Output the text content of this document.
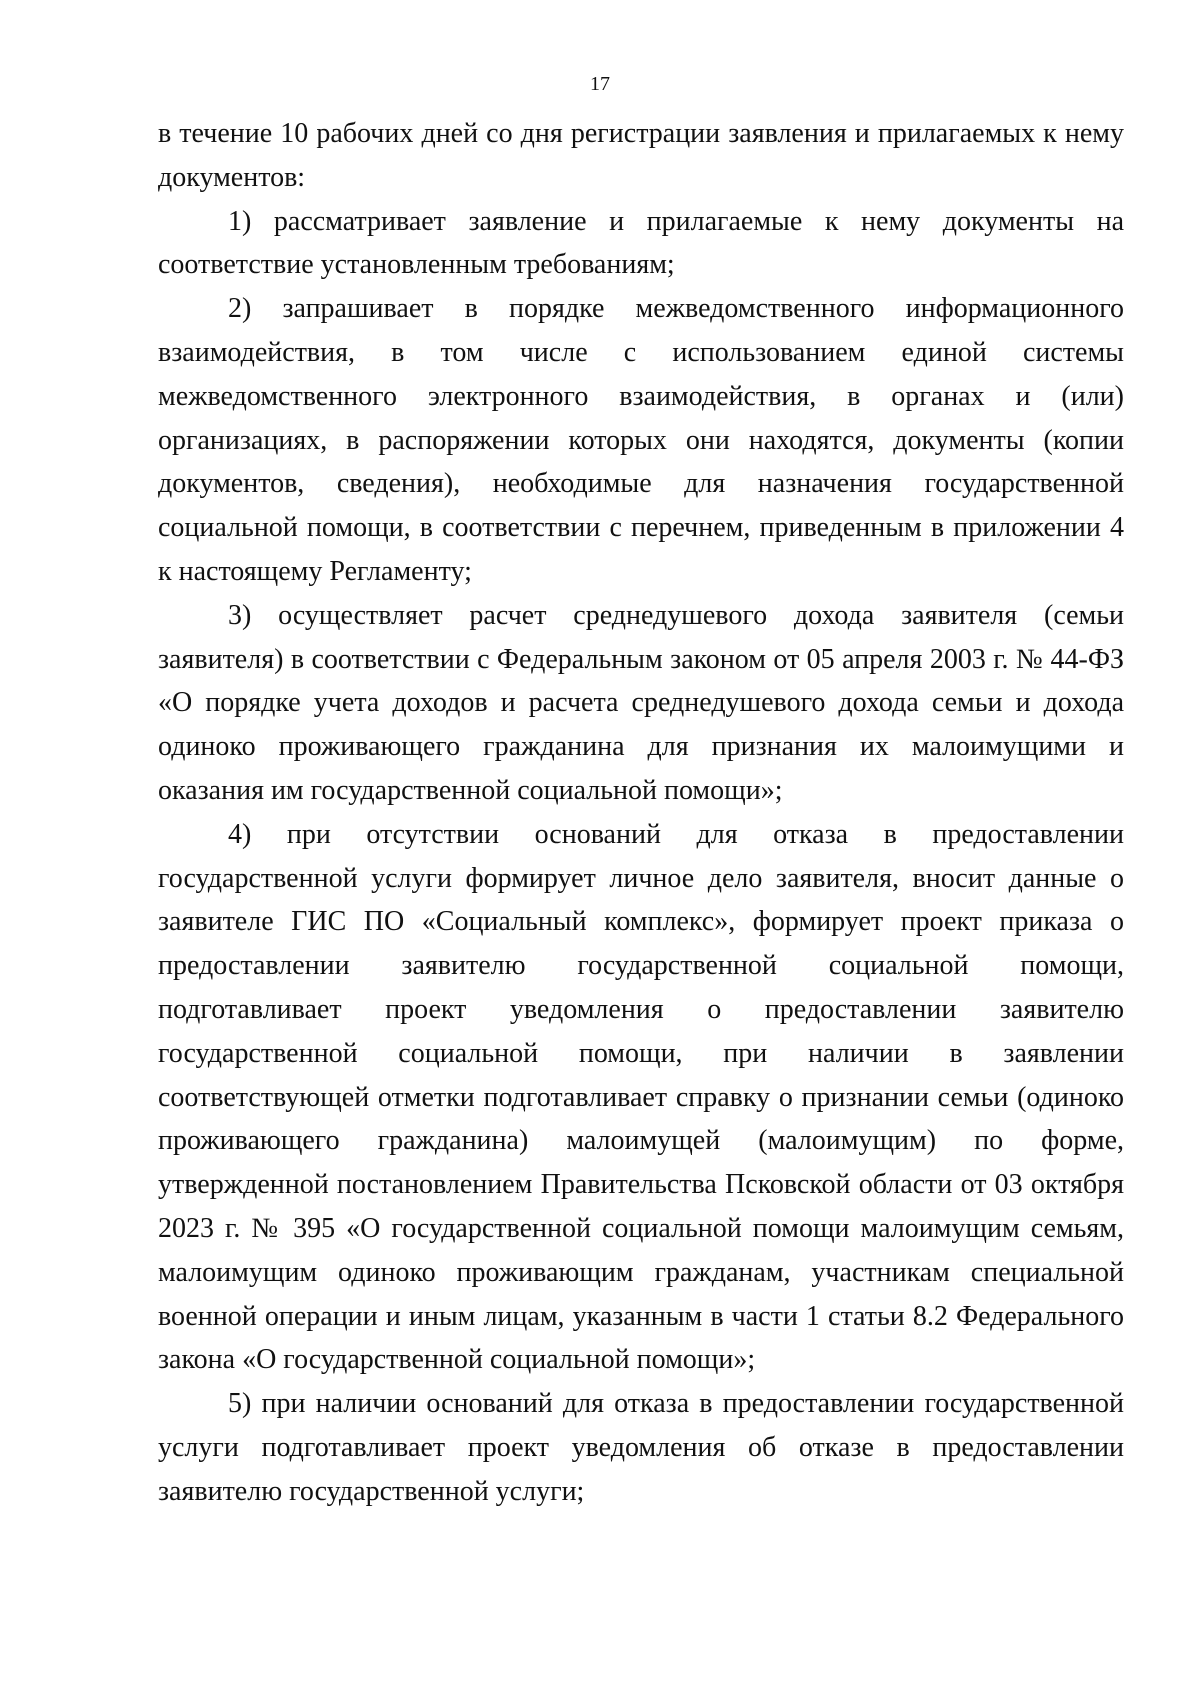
17

в течение 10 рабочих дней со дня регистрации заявления и прилагаемых к нему документов:

1) рассматривает заявление и прилагаемые к нему документы на соответствие установленным требованиям;

2) запрашивает в порядке межведомственного информационного взаимодействия, в том числе с использованием единой системы межведомственного электронного взаимодействия, в органах и (или) организациях, в распоряжении которых они находятся, документы (копии документов, сведения), необходимые для назначения государственной социальной помощи, в соответствии с перечнем, приведенным в приложении 4 к настоящему Регламенту;

3) осуществляет расчет среднедушевого дохода заявителя (семьи заявителя) в соответствии с Федеральным законом от 05 апреля 2003 г. № 44-ФЗ «О порядке учета доходов и расчета среднедушевого дохода семьи и дохода одиноко проживающего гражданина для признания их малоимущими и оказания им государственной социальной помощи»;

4) при отсутствии оснований для отказа в предоставлении государственной услуги формирует личное дело заявителя, вносит данные о заявителе ГИС ПО «Социальный комплекс», формирует проект приказа о предоставлении заявителю государственной социальной помощи, подготавливает проект уведомления о предоставлении заявителю государственной социальной помощи, при наличии в заявлении соответствующей отметки подготавливает справку о признании семьи (одиноко проживающего гражданина) малоимущей (малоимущим) по форме, утвержденной постановлением Правительства Псковской области от 03 октября 2023 г. № 395 «О государственной социальной помощи малоимущим семьям, малоимущим одиноко проживающим гражданам, участникам специальной военной операции и иным лицам, указанным в части 1 статьи 8.2 Федерального закона «О государственной социальной помощи»;

5) при наличии оснований для отказа в предоставлении государственной услуги подготавливает проект уведомления об отказе в предоставлении заявителю государственной услуги;
